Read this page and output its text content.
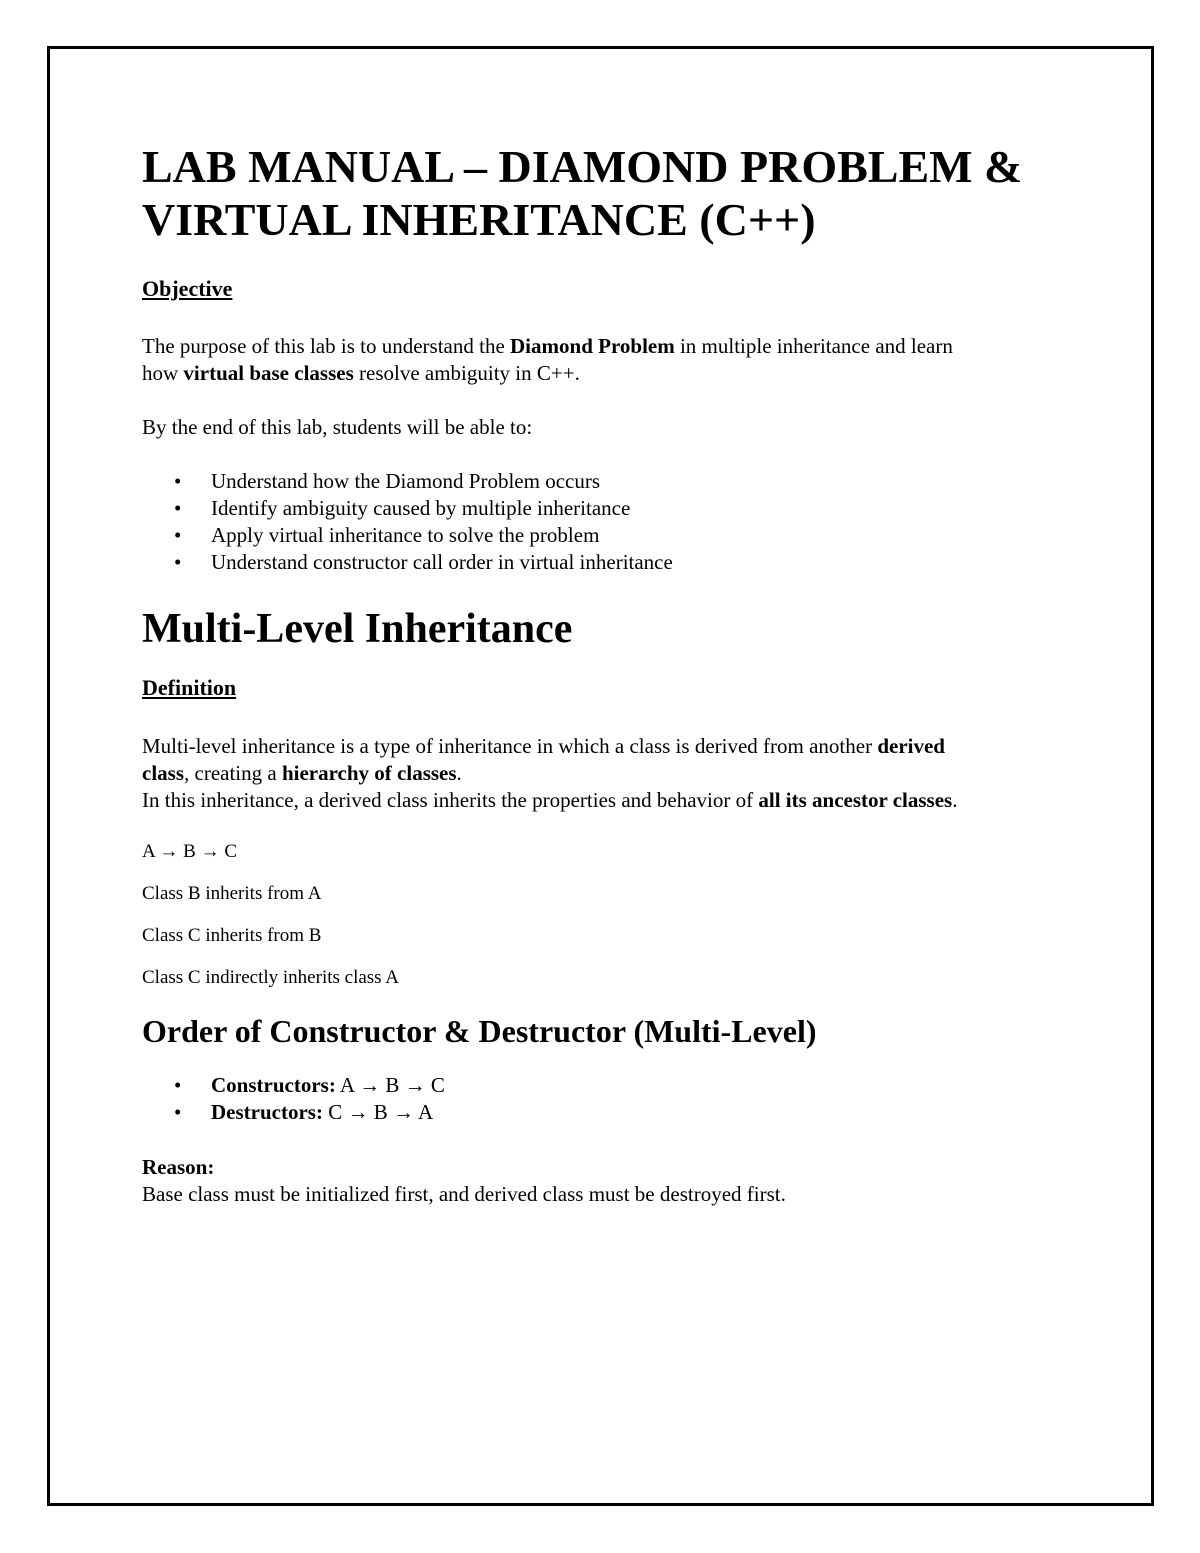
LAB MANUAL – DIAMOND PROBLEM &
VIRTUAL INHERITANCE (C++)

Objective

The purpose of this lab is to understand the Diamond Problem in multiple inheritance and learn
how virtual base classes resolve ambiguity in C++.

By the end of this lab, students will be able to:

• Understand how the Diamond Problem occurs
• Identify ambiguity caused by multiple inheritance
• Apply virtual inheritance to solve the problem
• Understand constructor call order in virtual inheritance
Multi-Level Inheritance

Definition

Multi-level inheritance is a type of inheritance in which a class is derived from another derived
class, creating a hierarchy of classes.
In this inheritance, a derived class inherits the properties and behavior of all its ancestor classes.

A → B → C

Class B inherits from A

Class C inherits from B

Class C indirectly inherits class A

Order of Constructor & Destructor (Multi-Level)
• Constructors: A → B → C
• Destructors: C → B → A

Reason:
Base class must be initialized first, and derived class must be destroyed first.
